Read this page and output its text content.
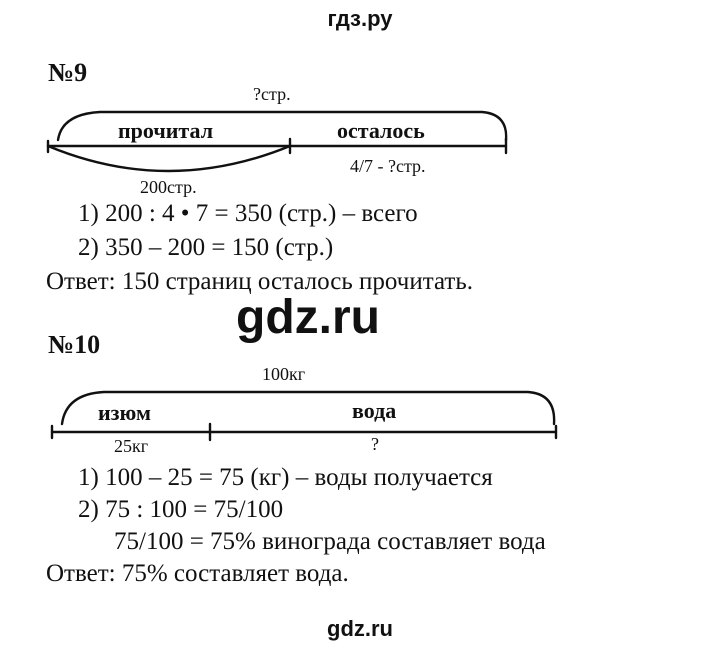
гдз.ру
№9
?стр.
прочитал	осталось
4/7 - ?стр.
200стр.
1) 200 : 4 • 7 = 350 (стр.) – всего
2) 350 – 200 = 150 (стр.)
Ответ: 150 страниц осталось прочитать.
gdz.ru
№10
100кг
изюм	вода
25кг	?
1) 100 – 25 = 75 (кг) – воды получается
2) 75 : 100 = 75/100
75/100 = 75% винограда составляет вода
Ответ: 75% составляет вода.
gdz.ru
